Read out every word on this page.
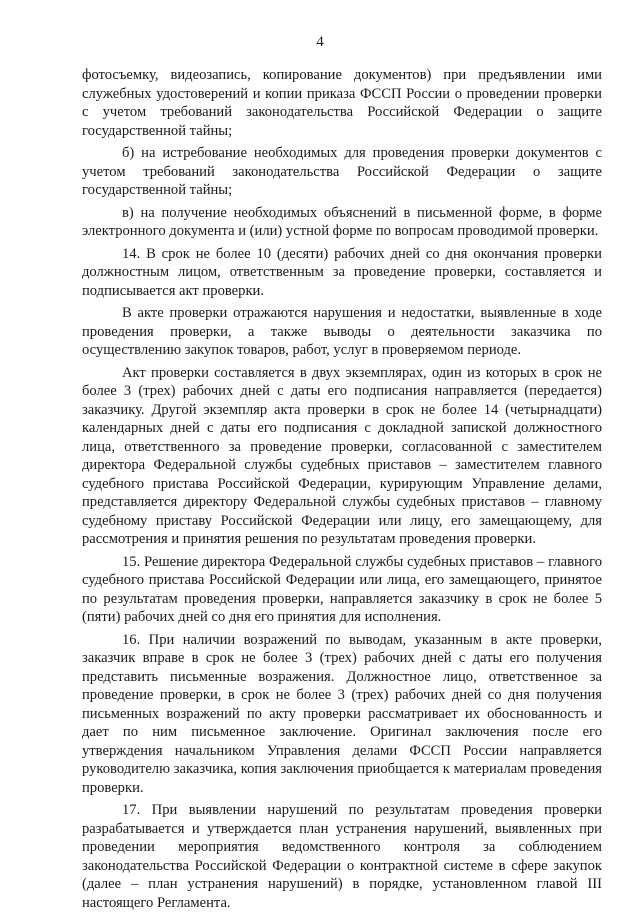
4

фотосъемку, видеозапись, копирование документов) при предъявлении ими служебных удостоверений и копии приказа ФССП России о проведении проверки с учетом требований законодательства Российской Федерации о защите государственной тайны;

б) на истребование необходимых для проведения проверки документов с учетом требований законодательства Российской Федерации о защите государственной тайны;

в) на получение необходимых объяснений в письменной форме, в форме электронного документа и (или) устной форме по вопросам проводимой проверки.

14. В срок не более 10 (десяти) рабочих дней со дня окончания проверки должностным лицом, ответственным за проведение проверки, составляется и подписывается акт проверки.

В акте проверки отражаются нарушения и недостатки, выявленные в ходе проведения проверки, а также выводы о деятельности заказчика по осуществлению закупок товаров, работ, услуг в проверяемом периоде.

Акт проверки составляется в двух экземплярах, один из которых в срок не более 3 (трех) рабочих дней с даты его подписания направляется (передается) заказчику. Другой экземпляр акта проверки в срок не более 14 (четырнадцати) календарных дней с даты его подписания с докладной запиской должностного лица, ответственного за проведение проверки, согласованной с заместителем директора Федеральной службы судебных приставов – заместителем главного судебного пристава Российской Федерации, курирующим Управление делами, представляется директору Федеральной службы судебных приставов – главному судебному приставу Российской Федерации или лицу, его замещающему, для рассмотрения и принятия решения по результатам проведения проверки.

15. Решение директора Федеральной службы судебных приставов – главного судебного пристава Российской Федерации или лица, его замещающего, принятое по результатам проведения проверки, направляется заказчику в срок не более 5 (пяти) рабочих дней со дня его принятия для исполнения.

16. При наличии возражений по выводам, указанным в акте проверки, заказчик вправе в срок не более 3 (трех) рабочих дней с даты его получения представить письменные возражения. Должностное лицо, ответственное за проведение проверки, в срок не более 3 (трех) рабочих дней со дня получения письменных возражений по акту проверки рассматривает их обоснованность и дает по ним письменное заключение. Оригинал заключения после его утверждения начальником Управления делами ФССП России направляется руководителю заказчика, копия заключения приобщается к материалам проведения проверки.

17. При выявлении нарушений по результатам проведения проверки разрабатывается и утверждается план устранения нарушений, выявленных при проведении мероприятия ведомственного контроля за соблюдением законодательства Российской Федерации о контрактной системе в сфере закупок (далее – план устранения нарушений) в порядке, установленном главой III настоящего Регламента.
